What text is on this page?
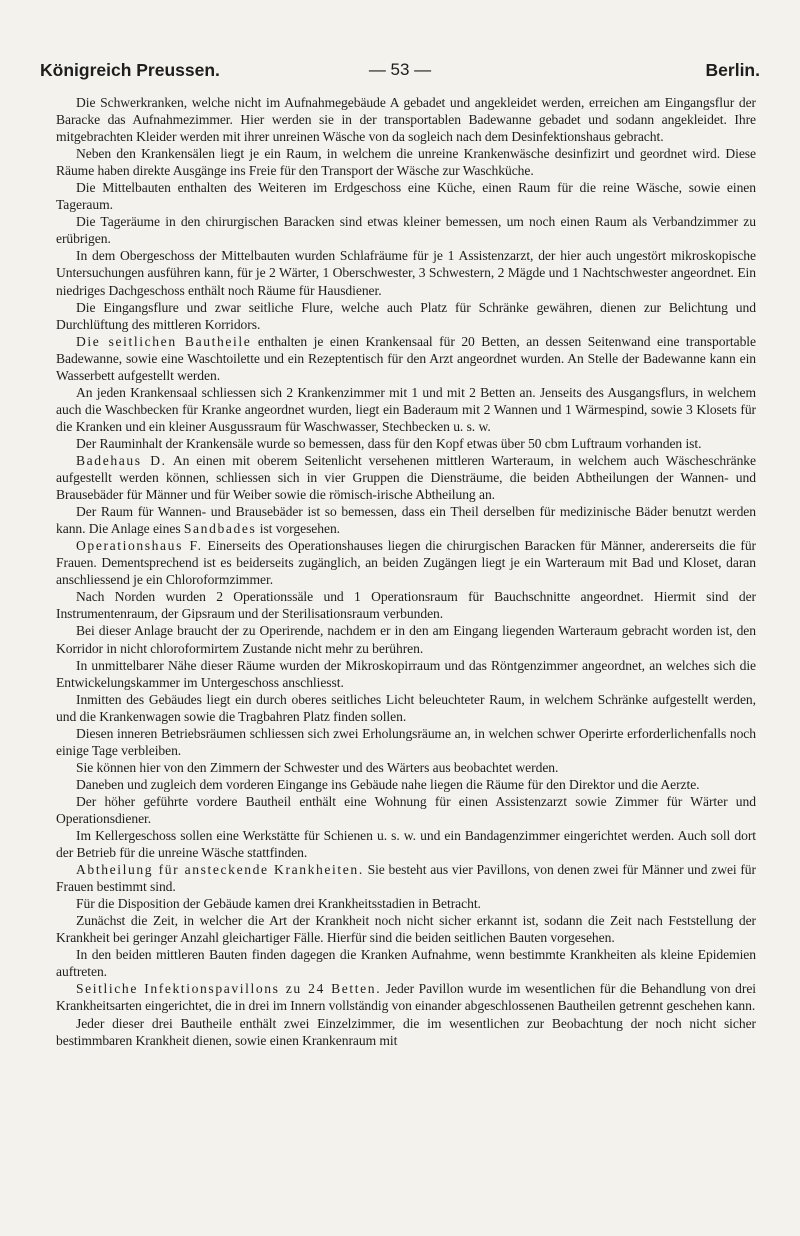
Königreich Preussen.	— 53 —	Berlin.

Die Schwerkranken, welche nicht im Aufnahmegebäude A gebadet und angekleidet werden, erreichen am Eingangsflur der Baracke das Aufnahmezimmer. Hier werden sie in der transportablen Badewanne gebadet und sodann angekleidet. Ihre mitgebrachten Kleider werden mit ihrer unreinen Wäsche von da sogleich nach dem Desinfektionshaus gebracht.

Neben den Krankensälen liegt je ein Raum, in welchem die unreine Krankenwäsche desinfizirt und geordnet wird. Diese Räume haben direkte Ausgänge ins Freie für den Transport der Wäsche zur Waschküche.

Die Mittelbauten enthalten des Weiteren im Erdgeschoss eine Küche, einen Raum für die reine Wäsche, sowie einen Tageraum.

Die Tageräume in den chirurgischen Baracken sind etwas kleiner bemessen, um noch einen Raum als Verbandzimmer zu erübrigen.

In dem Obergeschoss der Mittelbauten wurden Schlafräume für je 1 Assistenzarzt, der hier auch ungestört mikroskopische Untersuchungen ausführen kann, für je 2 Wärter, 1 Oberschwester, 3 Schwestern, 2 Mägde und 1 Nachtschwester angeordnet. Ein niedriges Dachgeschoss enthält noch Räume für Hausdiener.

Die Eingangsflure und zwar seitliche Flure, welche auch Platz für Schränke gewähren, dienen zur Belichtung und Durchlüftung des mittleren Korridors.

Die seitlichen Bautheile enthalten je einen Krankensaal für 20 Betten, an dessen Seitenwand eine transportable Badewanne, sowie eine Waschtoilette und ein Rezeptentisch für den Arzt angeordnet wurden. An Stelle der Badewanne kann ein Wasserbett aufgestellt werden.

An jeden Krankensaal schliessen sich 2 Krankenzimmer mit 1 und mit 2 Betten an. Jenseits des Ausgangsflurs, in welchem auch die Waschbecken für Kranke angeordnet wurden, liegt ein Baderaum mit 2 Wannen und 1 Wärmespind, sowie 3 Klosets für die Kranken und ein kleiner Ausgussraum für Waschwasser, Stechbecken u. s. w.

Der Rauminhalt der Krankensäle wurde so bemessen, dass für den Kopf etwas über 50 cbm Luftraum vorhanden ist.

Badehaus D. An einen mit oberem Seitenlicht versehenen mittleren Warteraum, in welchem auch Wäscheschränke aufgestellt werden können, schliessen sich in vier Gruppen die Diensträume, die beiden Abtheilungen der Wannen- und Brausebäder für Männer und für Weiber sowie die römisch-irische Abtheilung an.

Der Raum für Wannen- und Brausebäder ist so bemessen, dass ein Theil derselben für medizinische Bäder benutzt werden kann. Die Anlage eines Sandbades ist vorgesehen.

Operationshaus F. Einerseits des Operationshauses liegen die chirurgischen Baracken für Männer, andererseits die für Frauen. Dementsprechend ist es beiderseits zugänglich, an beiden Zugängen liegt je ein Warteraum mit Bad und Kloset, daran anschliessend je ein Chloroformzimmer.

Nach Norden wurden 2 Operationssäle und 1 Operationsraum für Bauchschnitte angeordnet. Hiermit sind der Instrumentenraum, der Gipsraum und der Sterilisationsraum verbunden.

Bei dieser Anlage braucht der zu Operirende, nachdem er in den am Eingang liegenden Warteraum gebracht worden ist, den Korridor in nicht chloroformirtem Zustande nicht mehr zu berühren.

In unmittelbarer Nähe dieser Räume wurden der Mikroskopirraum und das Röntgenzimmer angeordnet, an welches sich die Entwickelungskammer im Untergeschoss anschliesst.

Inmitten des Gebäudes liegt ein durch oberes seitliches Licht beleuchteter Raum, in welchem Schränke aufgestellt werden, und die Krankenwagen sowie die Tragbahren Platz finden sollen.

Diesen inneren Betriebsräumen schliessen sich zwei Erholungsräume an, in welchen schwer Operirte erforderlichenfalls noch einige Tage verbleiben.

Sie können hier von den Zimmern der Schwester und des Wärters aus beobachtet werden.

Daneben und zugleich dem vorderen Eingange ins Gebäude nahe liegen die Räume für den Direktor und die Aerzte.

Der höher geführte vordere Bautheil enthält eine Wohnung für einen Assistenzarzt sowie Zimmer für Wärter und Operationsdiener.

Im Kellergeschoss sollen eine Werkstätte für Schienen u. s. w. und ein Bandagenzimmer eingerichtet werden. Auch soll dort der Betrieb für die unreine Wäsche stattfinden.

Abtheilung für ansteckende Krankheiten. Sie besteht aus vier Pavillons, von denen zwei für Männer und zwei für Frauen bestimmt sind.

Für die Disposition der Gebäude kamen drei Krankheitsstadien in Betracht.

Zunächst die Zeit, in welcher die Art der Krankheit noch nicht sicher erkannt ist, sodann die Zeit nach Feststellung der Krankheit bei geringer Anzahl gleichartiger Fälle. Hierfür sind die beiden seitlichen Bauten vorgesehen.

In den beiden mittleren Bauten finden dagegen die Kranken Aufnahme, wenn bestimmte Krankheiten als kleine Epidemien auftreten.

Seitliche Infektionspavillons zu 24 Betten. Jeder Pavillon wurde im wesentlichen für die Behandlung von drei Krankheitsarten eingerichtet, die in drei im Innern vollständig von einander abgeschlossenen Bautheilen getrennt geschehen kann.

Jeder dieser drei Bautheile enthält zwei Einzelzimmer, die im wesentlichen zur Beobachtung der noch nicht sicher bestimmbaren Krankheit dienen, sowie einen Krankenraum mit
